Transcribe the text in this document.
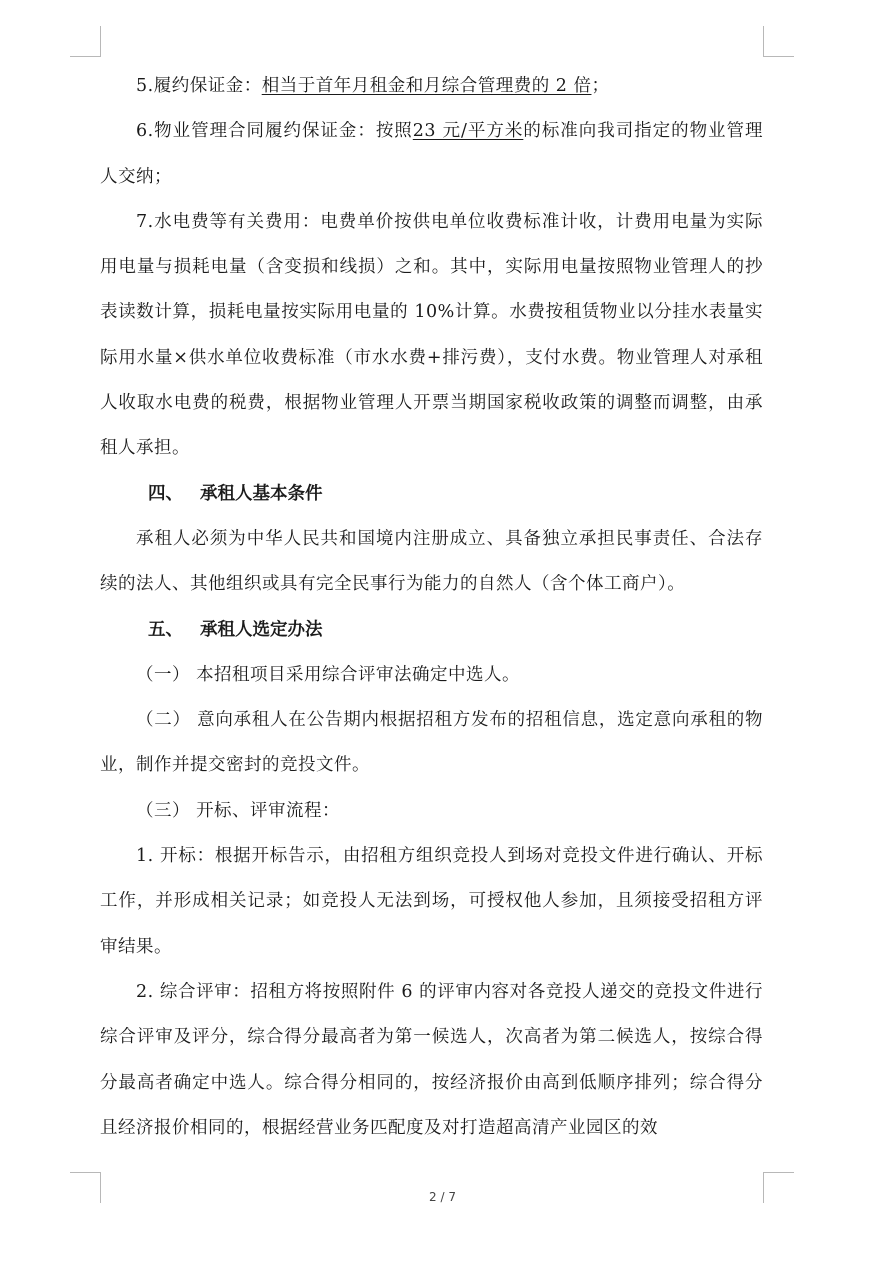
5.履约保证金：相当于首年月租金和月综合管理费的 2 倍；

6.物业管理合同履约保证金：按照23 元/平方米的标准向我司指定的物业管理人交纳；

7.水电费等有关费用：电费单价按供电单位收费标准计收，计费用电量为实际用电量与损耗电量（含变损和线损）之和。其中，实际用电量按照物业管理人的抄表读数计算，损耗电量按实际用电量的 10%计算。水费按租赁物业以分挂水表量实际用水量×供水单位收费标准（市水水费+排污费），支付水费。物业管理人对承租人收取水电费的税费，根据物业管理人开票当期国家税收政策的调整而调整，由承租人承担。

四、 承租人基本条件

承租人必须为中华人民共和国境内注册成立、具备独立承担民事责任、合法存续的法人、其他组织或具有完全民事行为能力的自然人（含个体工商户）。

五、 承租人选定办法

（一） 本招租项目采用综合评审法确定中选人。

（二） 意向承租人在公告期内根据招租方发布的招租信息，选定意向承租的物业，制作并提交密封的竞投文件。

（三） 开标、评审流程：

1. 开标：根据开标告示，由招租方组织竞投人到场对竞投文件进行确认、开标工作，并形成相关记录；如竞投人无法到场，可授权他人参加，且须接受招租方评审结果。

2. 综合评审：招租方将按照附件 6 的评审内容对各竞投人递交的竞投文件进行综合评审及评分，综合得分最高者为第一候选人，次高者为第二候选人，按综合得分最高者确定中选人。综合得分相同的，按经济报价由高到低顺序排列；综合得分且经济报价相同的，根据经营业务匹配度及对打造超高清产业园区的效

2 / 7
